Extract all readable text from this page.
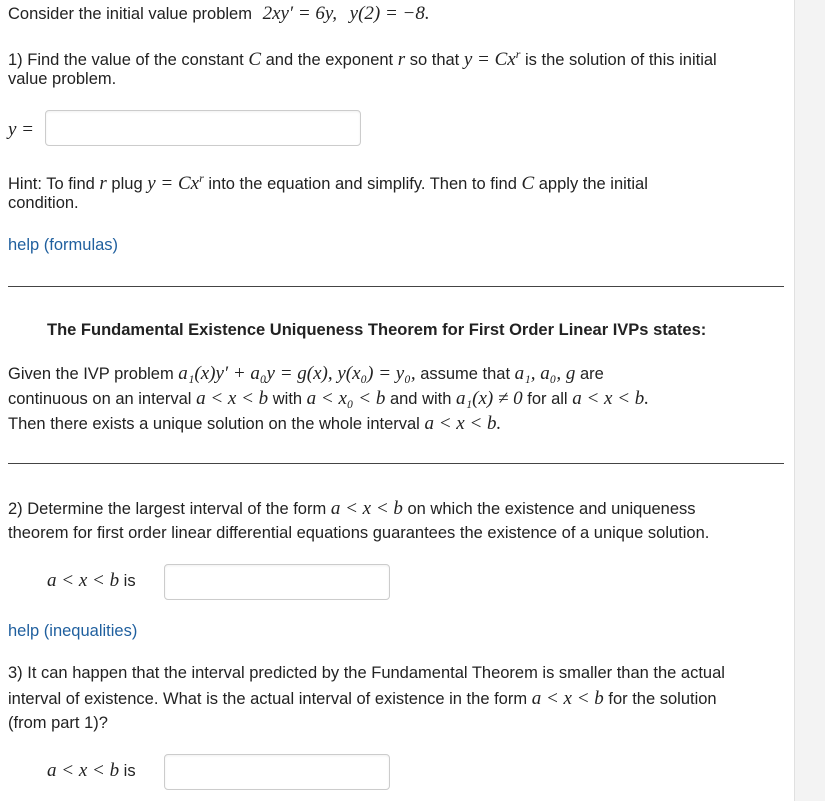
Consider the initial value problem 2xy′ = 6y, y(2) = −8.
1) Find the value of the constant C and the exponent r so that $y = Cx^r$ is the solution of this initial
value problem.
y =
Hint: To find r plug $y = Cx^r$ into the equation and simplify. Then to find C apply the initial
condition.
help (formulas)
The Fundamental Existence Uniqueness Theorem for First Order Linear IVPs states:
Given the IVP problem a₁(x)y′ + a₀y = g(x), y(x₀) = y₀, assume that a₁, a₀, g are
continuous on an interval a < x < b with a < x₀ < b and with a₁(x) ≠ 0 for all a < x < b.
Then there exists a unique solution on the whole interval a < x < b.
2) Determine the largest interval of the form a < x < b on which the existence and uniqueness
theorem for first order linear differential equations guarantees the existence of a unique solution.
a < x < b is
help (inequalities)
3) It can happen that the interval predicted by the Fundamental Theorem is smaller than the actual
interval of existence. What is the actual interval of existence in the form a < x < b for the solution
(from part 1)?
a < x < b is
